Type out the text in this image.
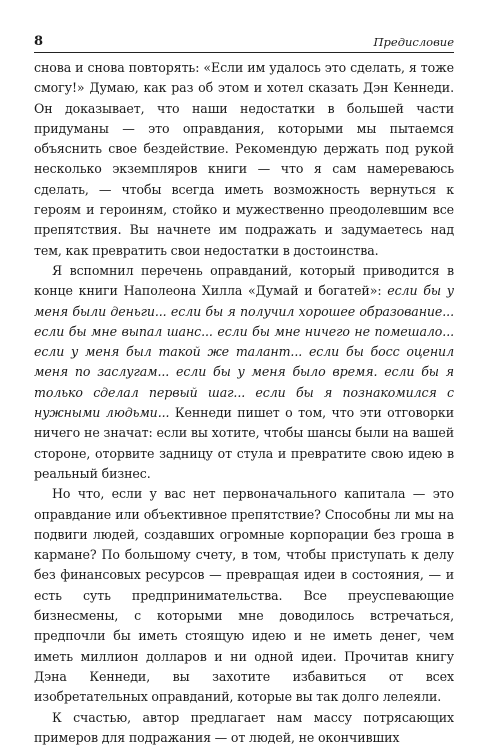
8	Предисловие

снова и снова повторять: «Если им удалось это сделать, я тоже смогу!» Думаю, как раз об этом и хотел сказать Дэн Кеннеди. Он доказывает, что наши недостатки в большей части придуманы — это оправдания, которыми мы пытаемся объяснить свое бездействие. Рекомендую держать под рукой несколько экземпляров книги — что я сам намереваюсь сделать, — чтобы всегда иметь возможность вернуться к героям и героиням, стойко и мужественно преодолевшим все препятствия. Вы начнете им подражать и задумаетесь над тем, как превратить свои недостатки в достоинства.

Я вспомнил перечень оправданий, который приводится в конце книги Наполеона Хилла «Думай и богатей»: если бы у меня были деньги... если бы я получил хорошее образование... если бы мне выпал шанс... если бы мне ничего не помешало... если у меня был такой же талант... если бы босс оценил меня по заслугам... если бы у меня было время. если бы я только сделал первый шаг... если бы я познакомился с нужными людьми... Кеннеди пишет о том, что эти отговорки ничего не значат: если вы хотите, чтобы шансы были на вашей стороне, оторвите задницу от стула и превратите свою идею в реальный бизнес.

Но что, если у вас нет первоначального капитала — это оправдание или объективное препятствие? Способны ли мы на подвиги людей, создавших огромные корпорации без гроша в кармане? По большому счету, в том, чтобы приступать к делу без финансовых ресурсов — превращая идеи в состояния, — и есть суть предпринимательства. Все преуспевающие бизнесмены, с которыми мне доводилось встречаться, предпочли бы иметь стоящую идею и не иметь денег, чем иметь миллион долларов и ни одной идеи. Прочитав книгу Дэна Кеннеди, вы захотите избавиться от всех изобретательных оправданий, которые вы так долго лелеяли.

К счастью, автор предлагает нам массу потрясающих примеров для подражания — от людей, не окончивших
